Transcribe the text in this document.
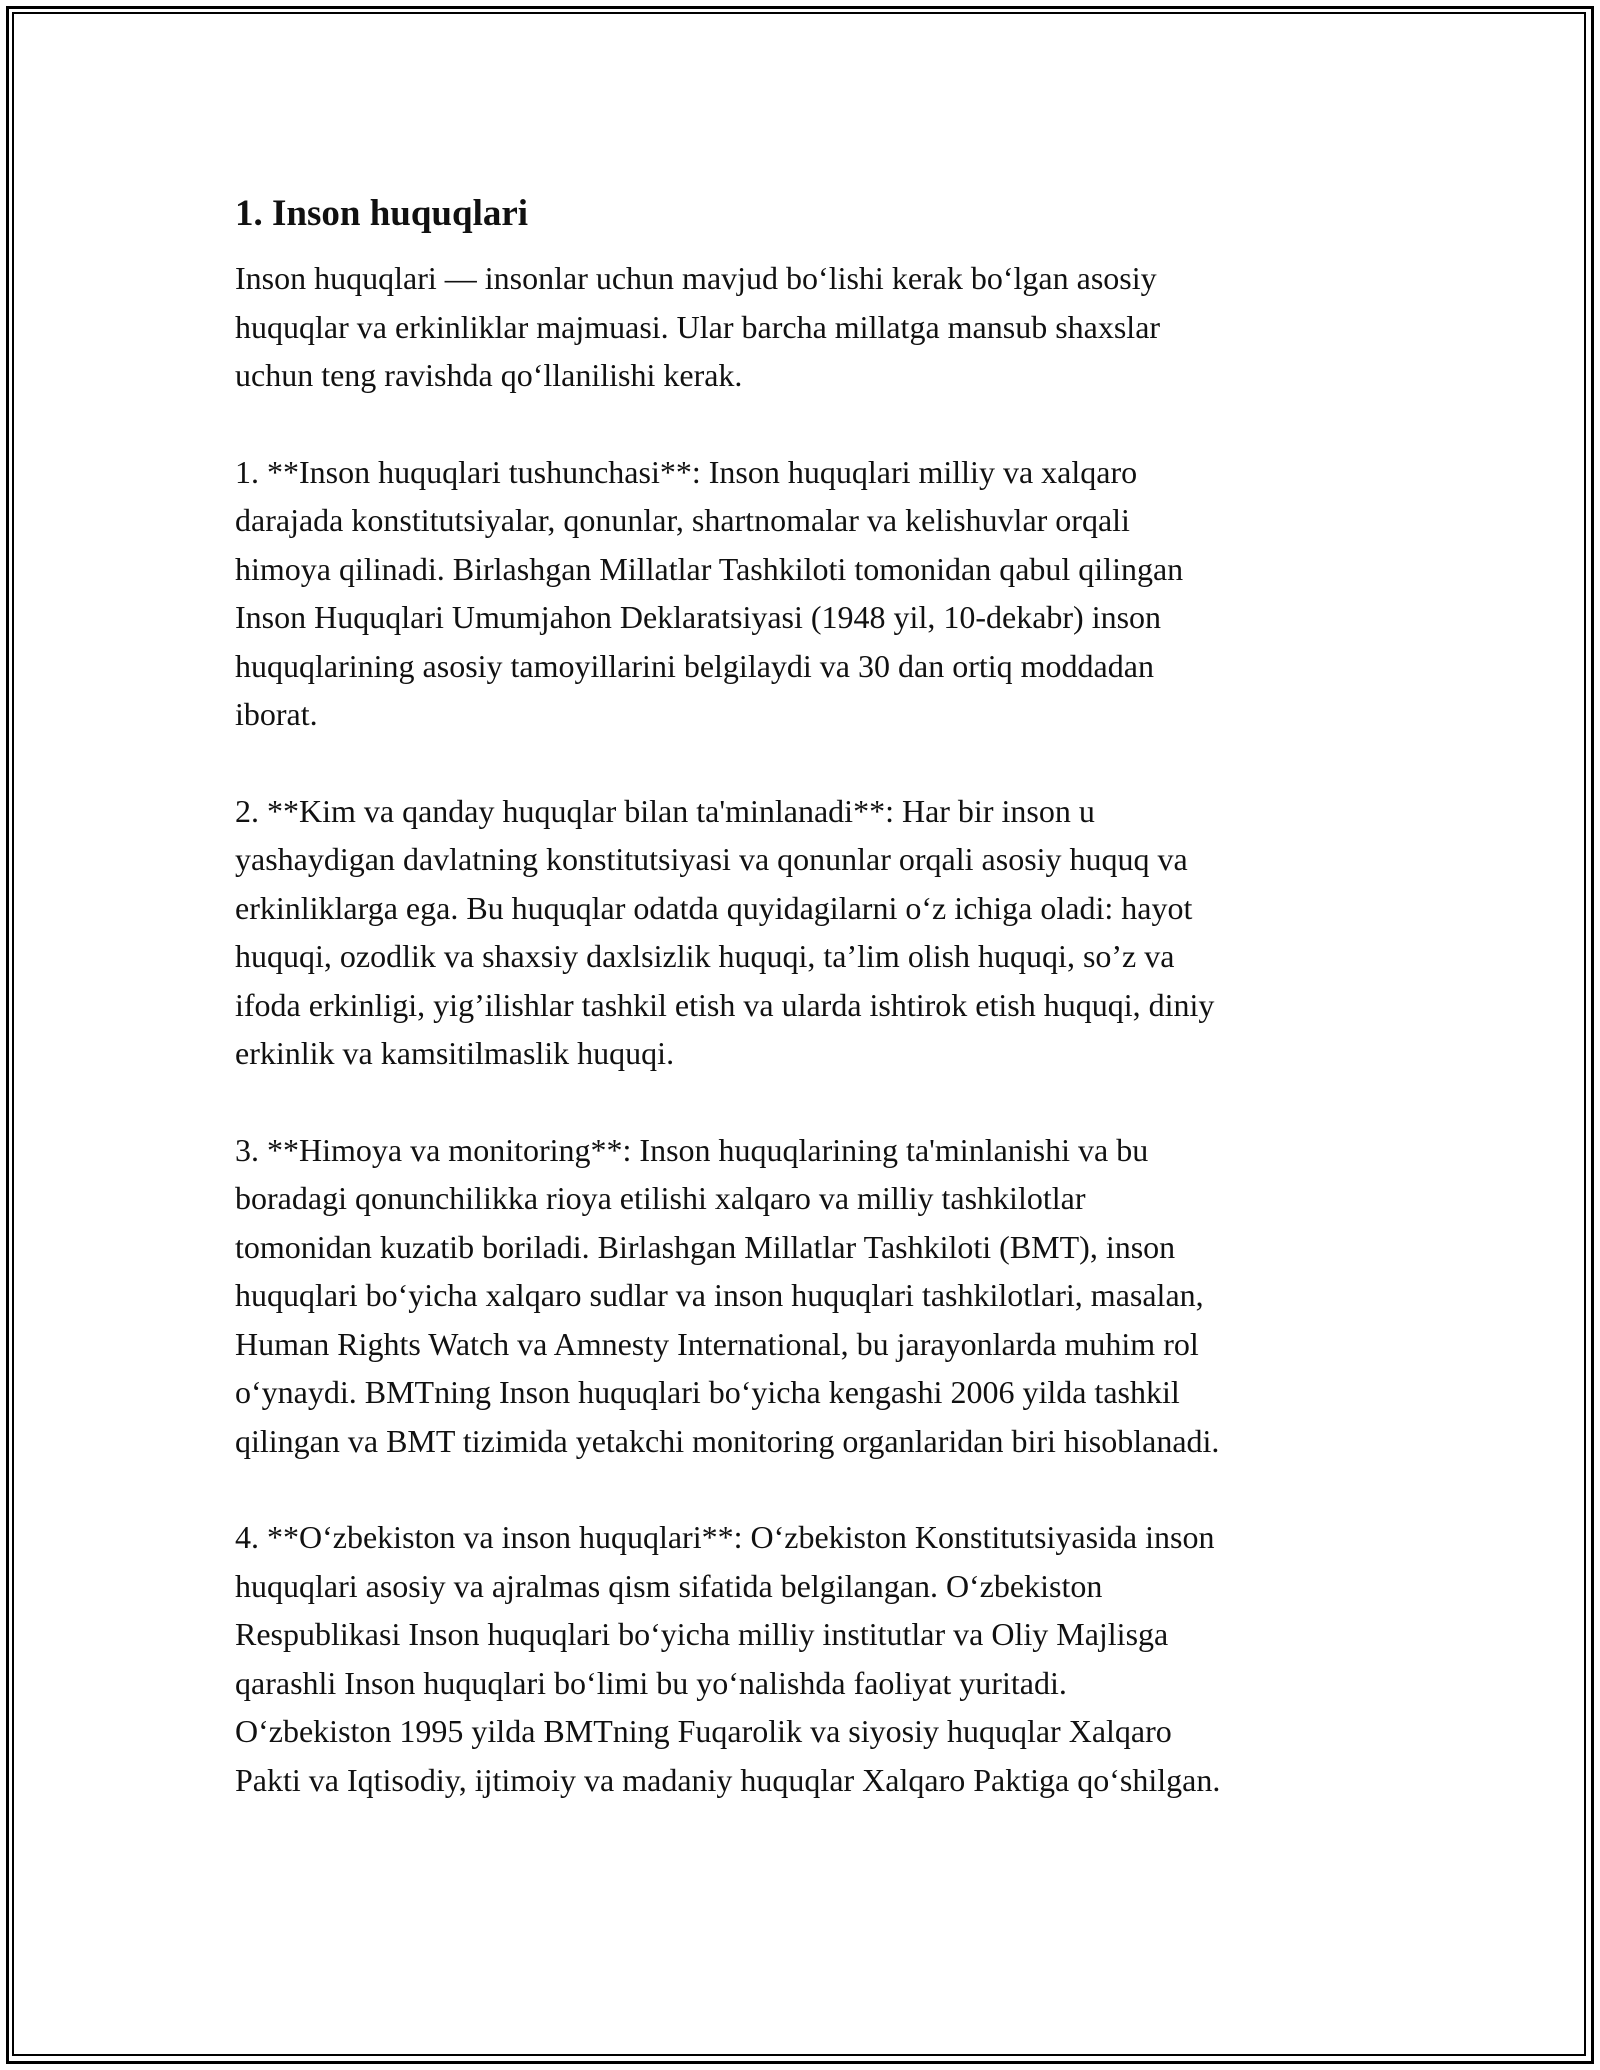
1. Inson huquqlari

Inson huquqlari — insonlar uchun mavjud bo‘lishi kerak bo‘lgan asosiy
huquqlar va erkinliklar majmuasi. Ular barcha millatga mansub shaxslar
uchun teng ravishda qo‘llanilishi kerak.

1. **Inson huquqlari tushunchasi**: Inson huquqlari milliy va xalqaro
darajada konstitutsiyalar, qonunlar, shartnomalar va kelishuvlar orqali
himoya qilinadi. Birlashgan Millatlar Tashkiloti tomonidan qabul qilingan
Inson Huquqlari Umumjahon Deklaratsiyasi (1948 yil, 10-dekabr) inson
huquqlarining asosiy tamoyillarini belgilaydi va 30 dan ortiq moddadan
iborat.

2. **Kim va qanday huquqlar bilan ta'minlanadi**: Har bir inson u
yashaydigan davlatning konstitutsiyasi va qonunlar orqali asosiy huquq va
erkinliklarga ega. Bu huquqlar odatda quyidagilarni o‘z ichiga oladi: hayot
huquqi, ozodlik va shaxsiy daxlsizlik huquqi, ta’lim olish huquqi, so’z va
ifoda erkinligi, yig’ilishlar tashkil etish va ularda ishtirok etish huquqi, diniy
erkinlik va kamsitilmaslik huquqi.

3. **Himoya va monitoring**: Inson huquqlarining ta'minlanishi va bu
boradagi qonunchilikka rioya etilishi xalqaro va milliy tashkilotlar
tomonidan kuzatib boriladi. Birlashgan Millatlar Tashkiloti (BMT), inson
huquqlari bo‘yicha xalqaro sudlar va inson huquqlari tashkilotlari, masalan,
Human Rights Watch va Amnesty International, bu jarayonlarda muhim rol
o‘ynaydi. BMTning Inson huquqlari bo‘yicha kengashi 2006 yilda tashkil
qilingan va BMT tizimida yetakchi monitoring organlaridan biri hisoblanadi.

4. **O‘zbekiston va inson huquqlari**: O‘zbekiston Konstitutsiyasida inson
huquqlari asosiy va ajralmas qism sifatida belgilangan. O‘zbekiston
Respublikasi Inson huquqlari bo‘yicha milliy institutlar va Oliy Majlisga
qarashli Inson huquqlari bo‘limi bu yo‘nalishda faoliyat yuritadi.
O‘zbekiston 1995 yilda BMTning Fuqarolik va siyosiy huquqlar Xalqaro
Pakti va Iqtisodiy, ijtimoiy va madaniy huquqlar Xalqaro Paktiga qo‘shilgan.
